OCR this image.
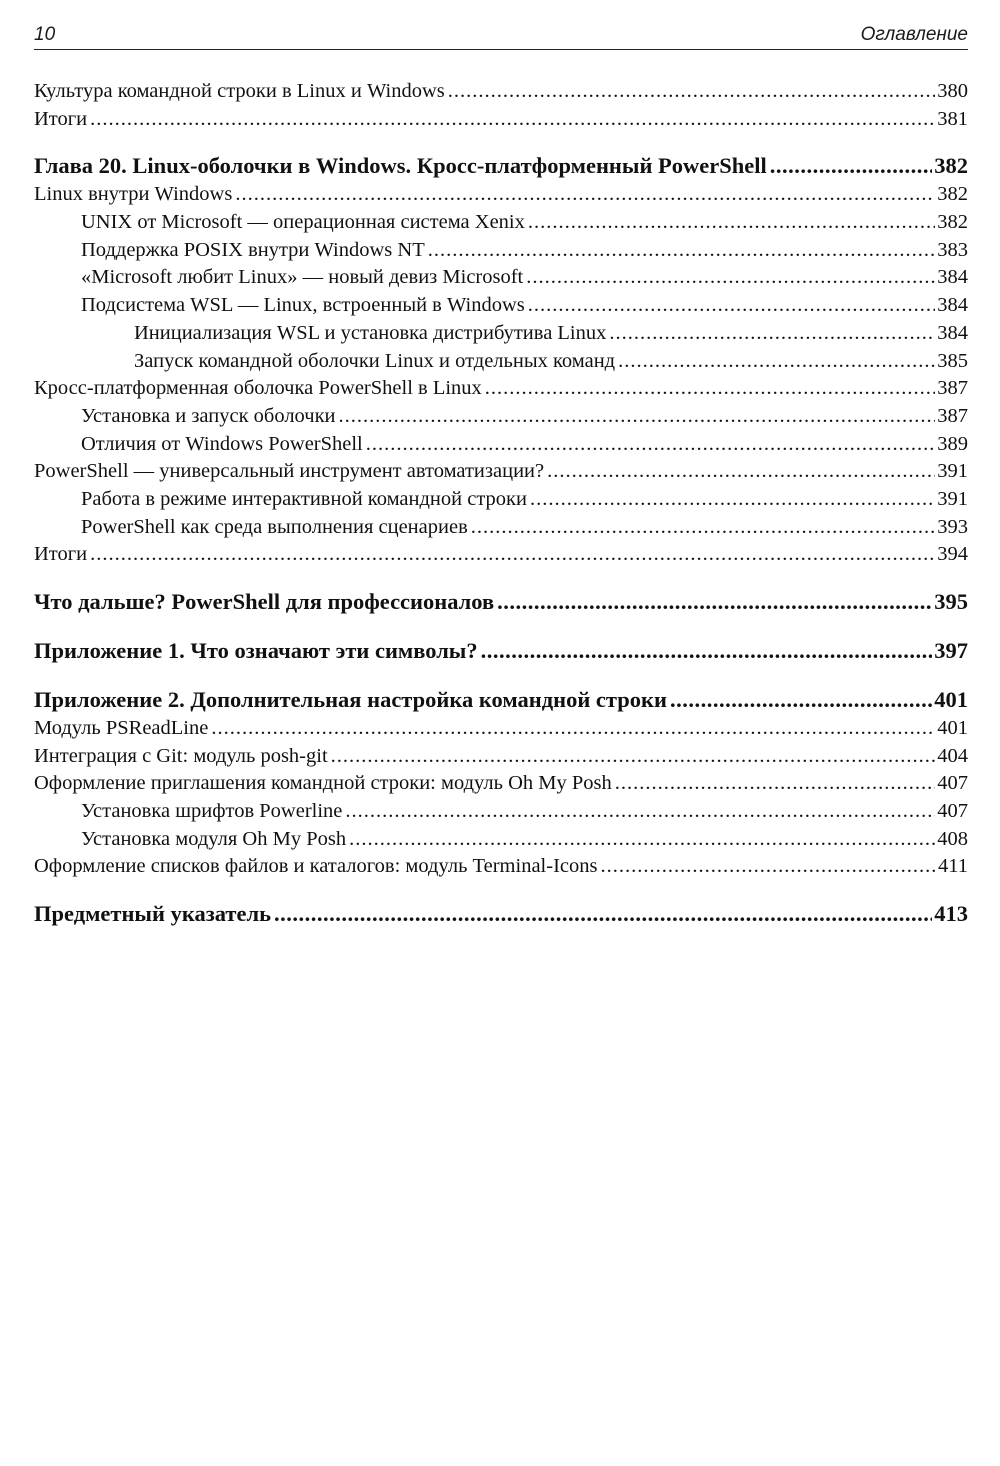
10	Оглавление
Культура командной строки в Linux и Windows .....	380
Итоги .....	381
Глава 20. Linux-оболочки в Windows. Кросс-платформенный PowerShell .....	382
Linux внутри Windows .....	382
UNIX от Microsoft — операционная система Xenix .....	382
Поддержка POSIX внутри Windows NT .....	383
«Microsoft любит Linux» — новый девиз Microsoft .....	384
Подсистема WSL — Linux, встроенный в Windows .....	384
Инициализация WSL и установка дистрибутива Linux .....	384
Запуск командной оболочки Linux и отдельных команд .....	385
Кросс-платформенная оболочка PowerShell в Linux .....	387
Установка и запуск оболочки .....	387
Отличия от Windows PowerShell .....	389
PowerShell — универсальный инструмент автоматизации? .....	391
Работа в режиме интерактивной командной строки .....	391
PowerShell как среда выполнения сценариев .....	393
Итоги .....	394
Что дальше? PowerShell для профессионалов .....	395
Приложение 1. Что означают эти символы? .....	397
Приложение 2. Дополнительная настройка командной строки .....	401
Модуль PSReadLine .....	401
Интеграция с Git: модуль posh-git .....	404
Оформление приглашения командной строки: модуль Oh My Posh .....	407
Установка шрифтов Powerline .....	407
Установка модуля Oh My Posh .....	408
Оформление списков файлов и каталогов: модуль Terminal-Icons .....	411
Предметный указатель .....	413
